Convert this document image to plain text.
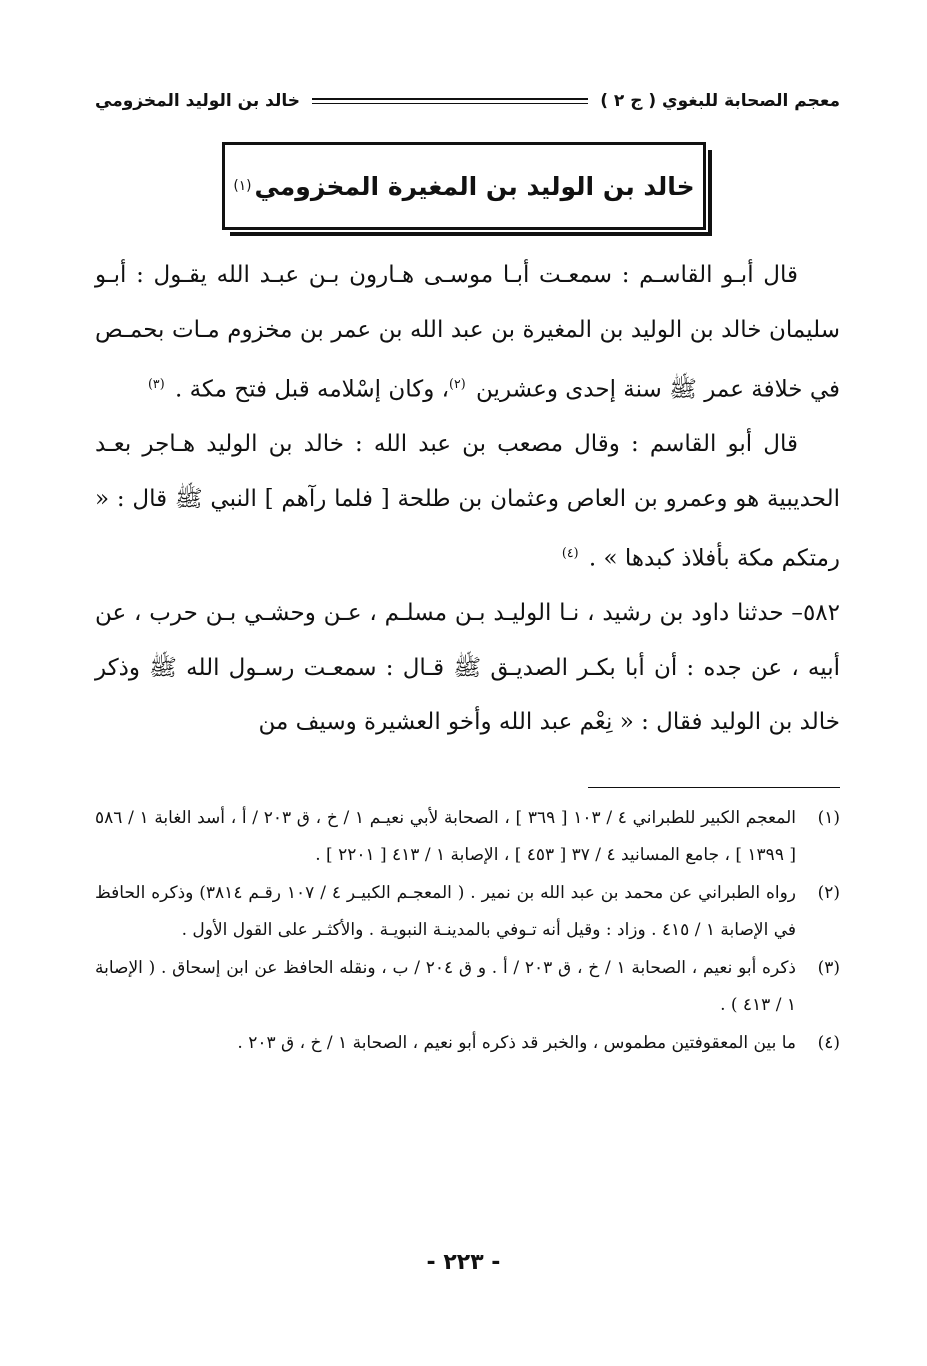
معجم الصحابة للبغوي ( ج ٢ )
خالد بن الوليد المخزومي
خالد بن الوليد بن المغيرة المخزومي
(١)

قال أبـو القاسـم : سمعـت أبـا موسـى هـارون بـن عبـد الله يقـول : أبـو سليمان خالد بن الوليد بن المغيرة بن عبد الله بن عمر بن مخزوم مـات بحمـص في خلافة عمر ﷺ سنة إحدى وعشرين $^{(٢)}$، وكان إسْلامه قبل فتح مكة . $^{(٣)}$

قال أبو القاسم : وقال مصعب بن عبد الله : خالد بن الوليد هـاجر بعـد الحديبية هو وعمرو بن العاص وعثمان بن طلحة [ فلما رآهم ] النبي ﷺ قال : « رمتكم مكة بأفلاذ كبدها » . $^{(٤)}$

٥٨٢– حدثنا داود بن رشيد ، نـا الوليـد بـن مسلـم ، عـن وحشـي بـن حرب ، عن أبيه ، عن جده : أن أبا بكـر الصديـق ﷺ قـال : سمعـت رسـول الله ﷺ وذكر خالد بن الوليد فقال : « نِعْم عبد الله وأخو العشيرة وسيف من

(١)
المعجم الكبير للطبراني ٤ / ١٠٣ [ ٣٦٩ ] ، الصحابة لأبي نعيـم ١ / خ ، ق ٢٠٣ / أ ، أسد الغابة ١ / ٥٨٦ [ ١٣٩٩ ] ، جامع المسانيد ٤ / ٣٧ [ ٤٥٣ ] ، الإصابة ١ / ٤١٣ [ ٢٢٠١ ] .
(٢)
رواه الطبراني عن محمد بن عبد الله بن نمير . ( المعجـم الكبيـر ٤ / ١٠٧ رقـم ٣٨١٤) وذكره الحافظ في الإصابة ١ / ٤١٥ . وزاد : وقيل أنه تـوفي بالمدينـة النبويـة . والأكثـر على القول الأول .
(٣)
ذكره أبو نعيم ، الصحابة ١ / خ ، ق ٢٠٣ / أ . و ق ٢٠٤ / ب ، ونقله الحافظ عن ابن إسحاق . ( الإصابة ١ / ٤١٣ ) .
(٤)
ما بين المعقوفتين مطموس ، والخبر قد ذكره أبو نعيم ، الصحابة ١ / خ ، ق ٢٠٣ .
- ٢٢٣ -
